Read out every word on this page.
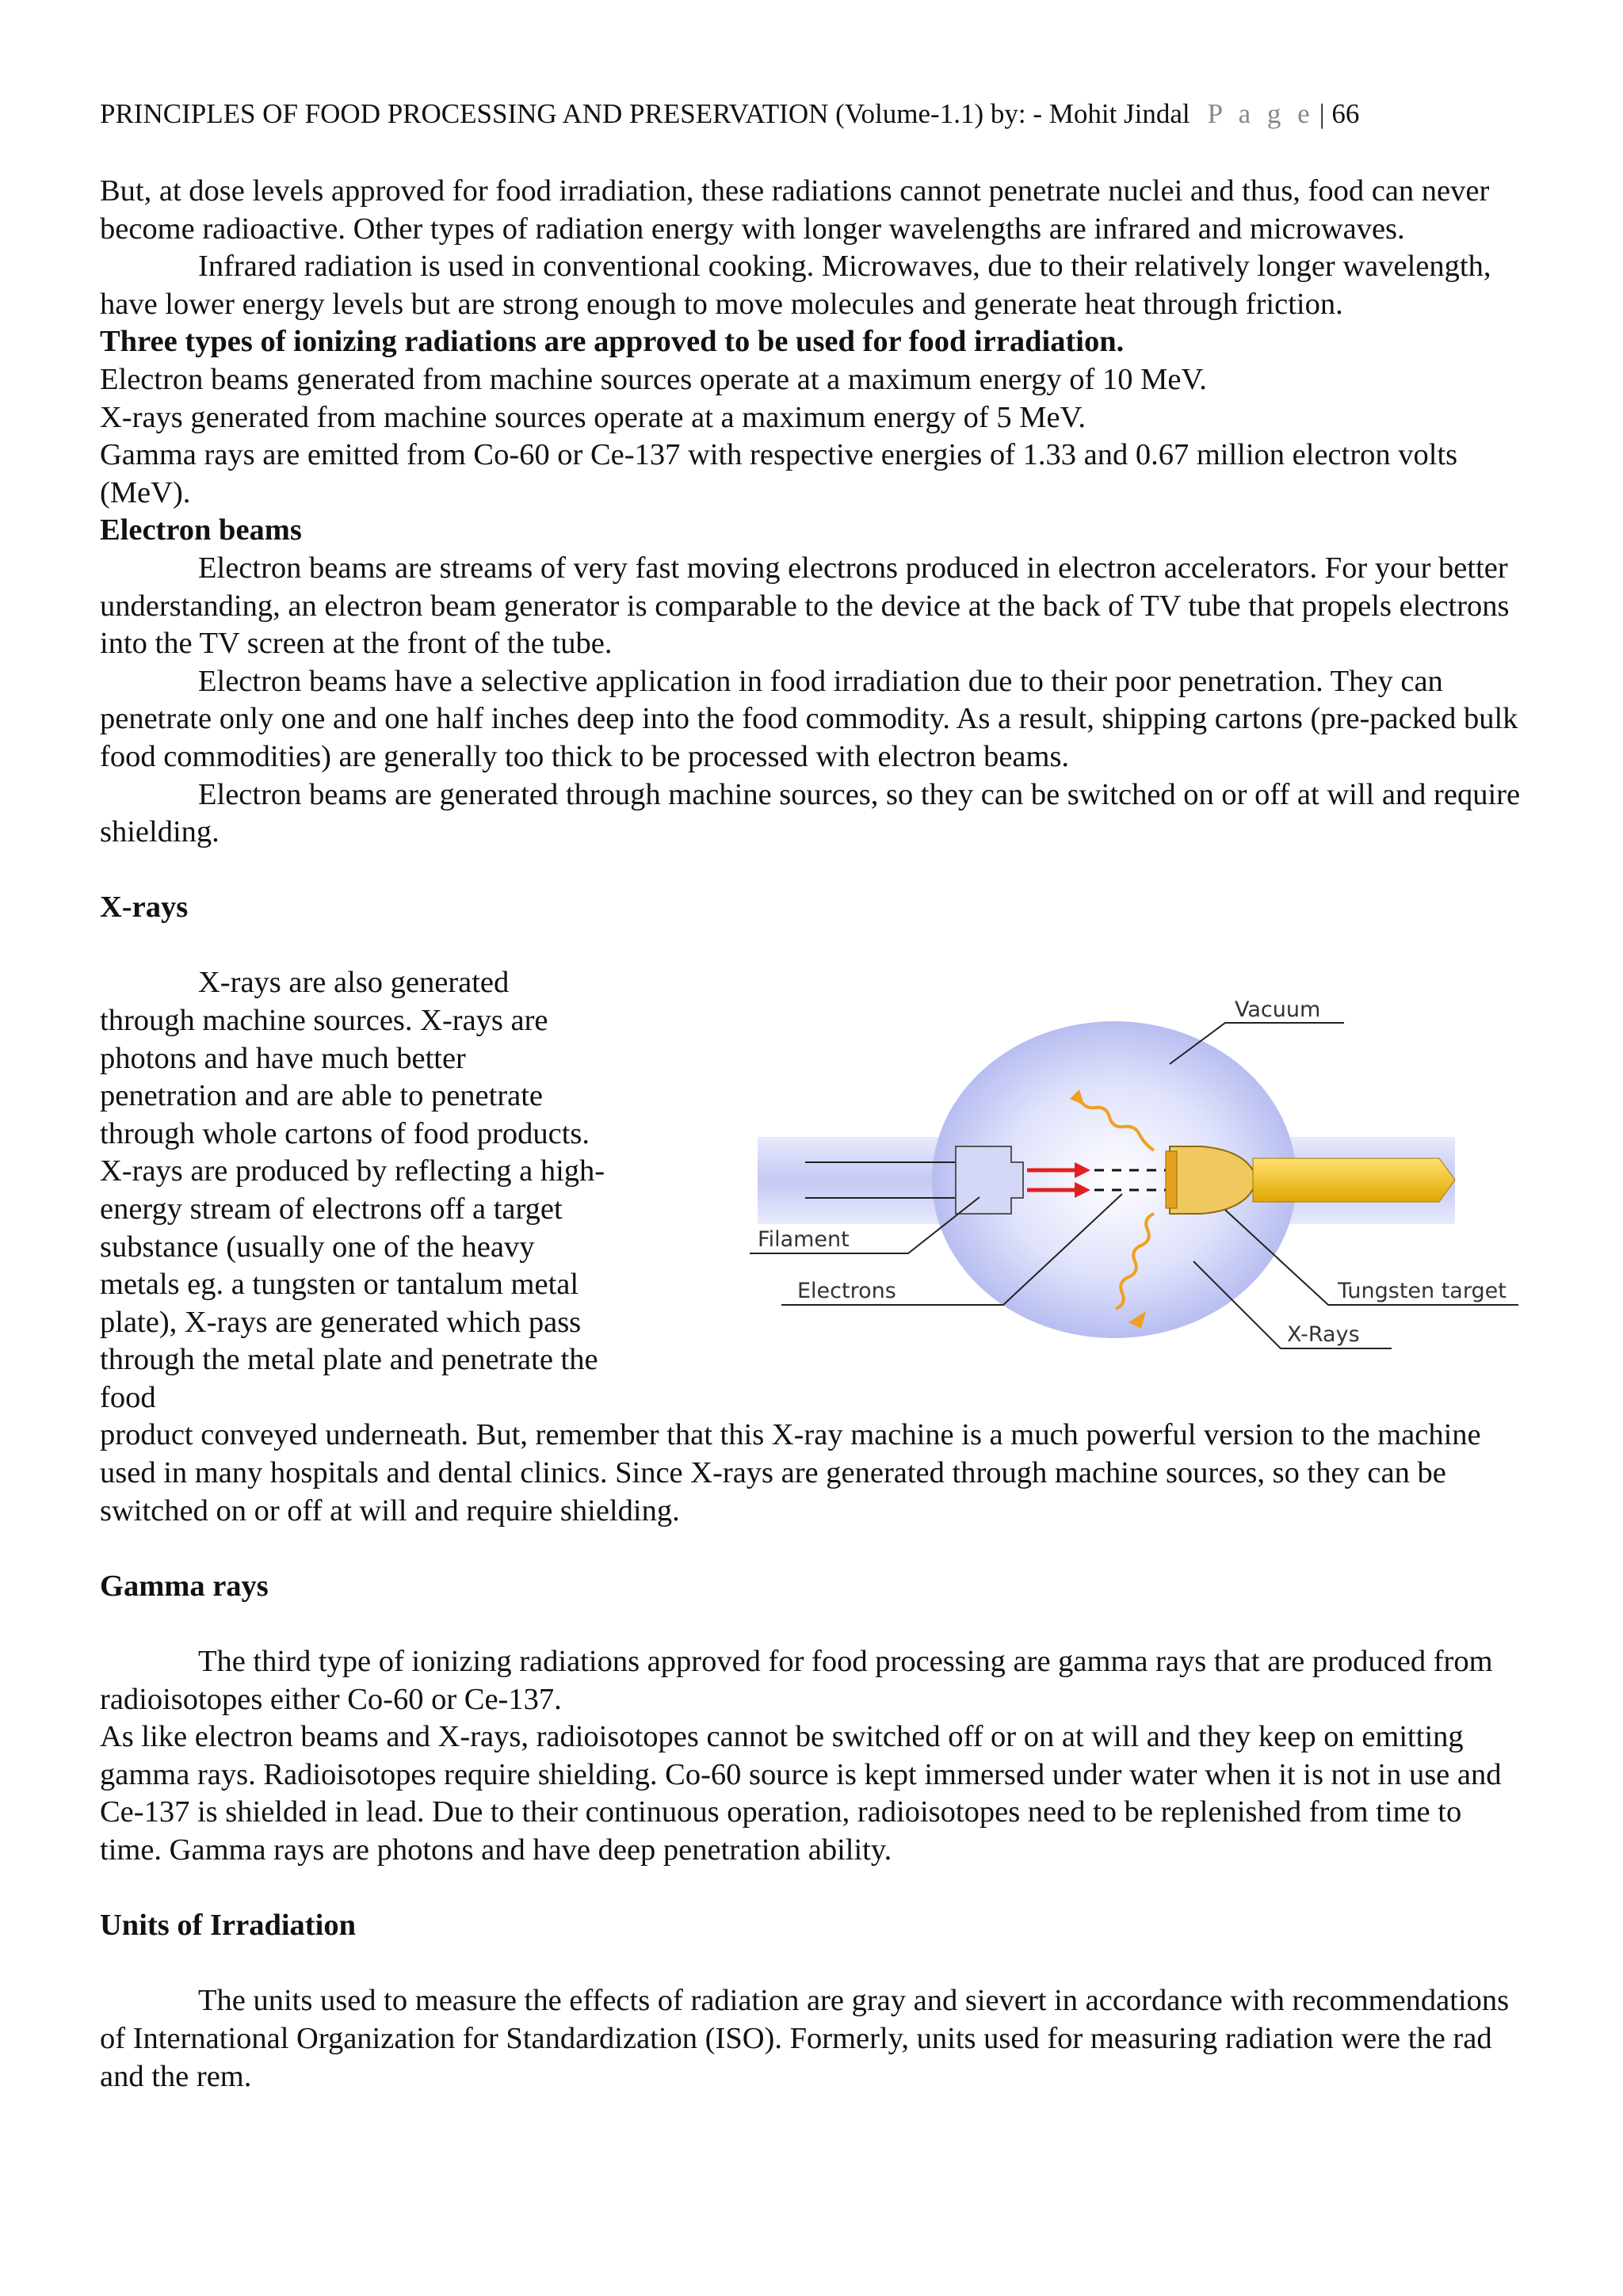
PRINCIPLES OF FOOD PROCESSING AND PRESERVATION (Volume-1.1) by: - Mohit Jindal P a g e | 66

But, at dose levels approved for food irradiation, these radiations cannot penetrate nuclei and thus, food can never become radioactive. Other types of radiation energy with longer wavelengths are infrared and microwaves.

Infrared radiation is used in conventional cooking. Microwaves, due to their relatively longer wavelength, have lower energy levels but are strong enough to move molecules and generate heat through friction.

Three types of ionizing radiations are approved to be used for food irradiation.

Electron beams generated from machine sources operate at a maximum energy of 10 MeV.

X-rays generated from machine sources operate at a maximum energy of 5 MeV.

Gamma rays are emitted from Co-60 or Ce-137 with respective energies of 1.33 and 0.67 million electron volts (MeV).

Electron beams

Electron beams are streams of very fast moving electrons produced in electron accelerators. For your better understanding, an electron beam generator is comparable to the device at the back of TV tube that propels electrons into the TV screen at the front of the tube.

Electron beams have a selective application in food irradiation due to their poor penetration. They can penetrate only one and one half inches deep into the food commodity. As a result, shipping cartons (pre-packed bulk food commodities) are generally too thick to be processed with electron beams.

Electron beams are generated through machine sources, so they can be switched on or off at will and require shielding.

X-rays

X-rays are also generated through machine sources. X-rays are photons and have much better penetration and are able to penetrate through whole cartons of food products. X-rays are produced by reflecting a high-energy stream of electrons off a target substance (usually one of the heavy metals eg. a tungsten or tantalum metal plate), X-rays are generated which pass through the metal plate and penetrate the food

Vacuum
Filament
Electrons	Tungsten target
X-Rays

product conveyed underneath. But, remember that this X-ray machine is a much powerful version to the machine used in many hospitals and dental clinics. Since X-rays are generated through machine sources, so they can be switched on or off at will and require shielding.

Gamma rays

The third type of ionizing radiations approved for food processing are gamma rays that are produced from radioisotopes either Co-60 or Ce-137.

As like electron beams and X-rays, radioisotopes cannot be switched off or on at will and they keep on emitting gamma rays. Radioisotopes require shielding. Co-60 source is kept immersed under water when it is not in use and Ce-137 is shielded in lead. Due to their continuous operation, radioisotopes need to be replenished from time to time. Gamma rays are photons and have deep penetration ability.

Units of Irradiation

The units used to measure the effects of radiation are gray and sievert in accordance with recommendations of International Organization for Standardization (ISO). Formerly, units used for measuring radiation were the rad and the rem.
